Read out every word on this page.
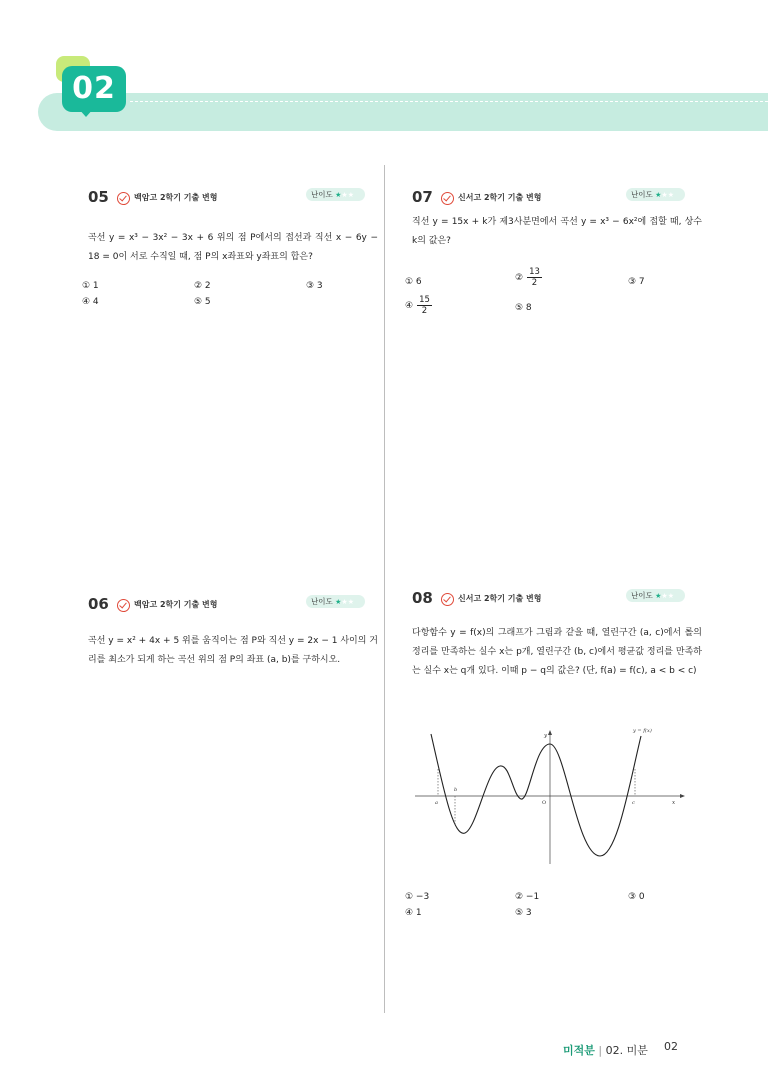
02
05	백암고 2학기 기출 변형	난이도 ★★★
곡선 y = x³ − 3x² − 3x + 6 위의 점 P에서의 접선과 직선 x − 6y − 18 = 0이 서로 수직일 때, 점 P의 x좌표와 y좌표의 합은?
① 1	② 2	③ 3
④ 4	⑤ 5
06	백암고 2학기 기출 변형	난이도 ★★★
곡선 y = x² + 4x + 5 위를 움직이는 점 P와 직선 y = 2x − 1 사이의 거리를 최소가 되게 하는 곡선 위의 점 P의 좌표 (a, b)를 구하시오.
07	신서고 2학기 기출 변형	난이도 ★★★
직선 y = 15x + k가 제3사분면에서 곡선 y = x³ − 6x²에 접할 때, 상수 k의 값은?
① 6	② $\frac{13}{2}$	③ 7
④ $\frac{15}{2}$	⑤ 8
08	신서고 2학기 기출 변형	난이도 ★★★
다항함수 y = f(x)의 그래프가 그림과 같을 때, 열린구간 (a, c)에서 롤의 정리를 만족하는 실수 x는 p개, 열린구간 (b, c)에서 평균값 정리를 만족하는 실수 x는 q개 있다. 이때 p − q의 값은? (단, f(a) = f(c), a < b < c)
a
b
c
O	x
y
y = f(x)
① −3	② −1	③ 0
④ 1	⑤ 3
미적분 | 02. 미분 02
